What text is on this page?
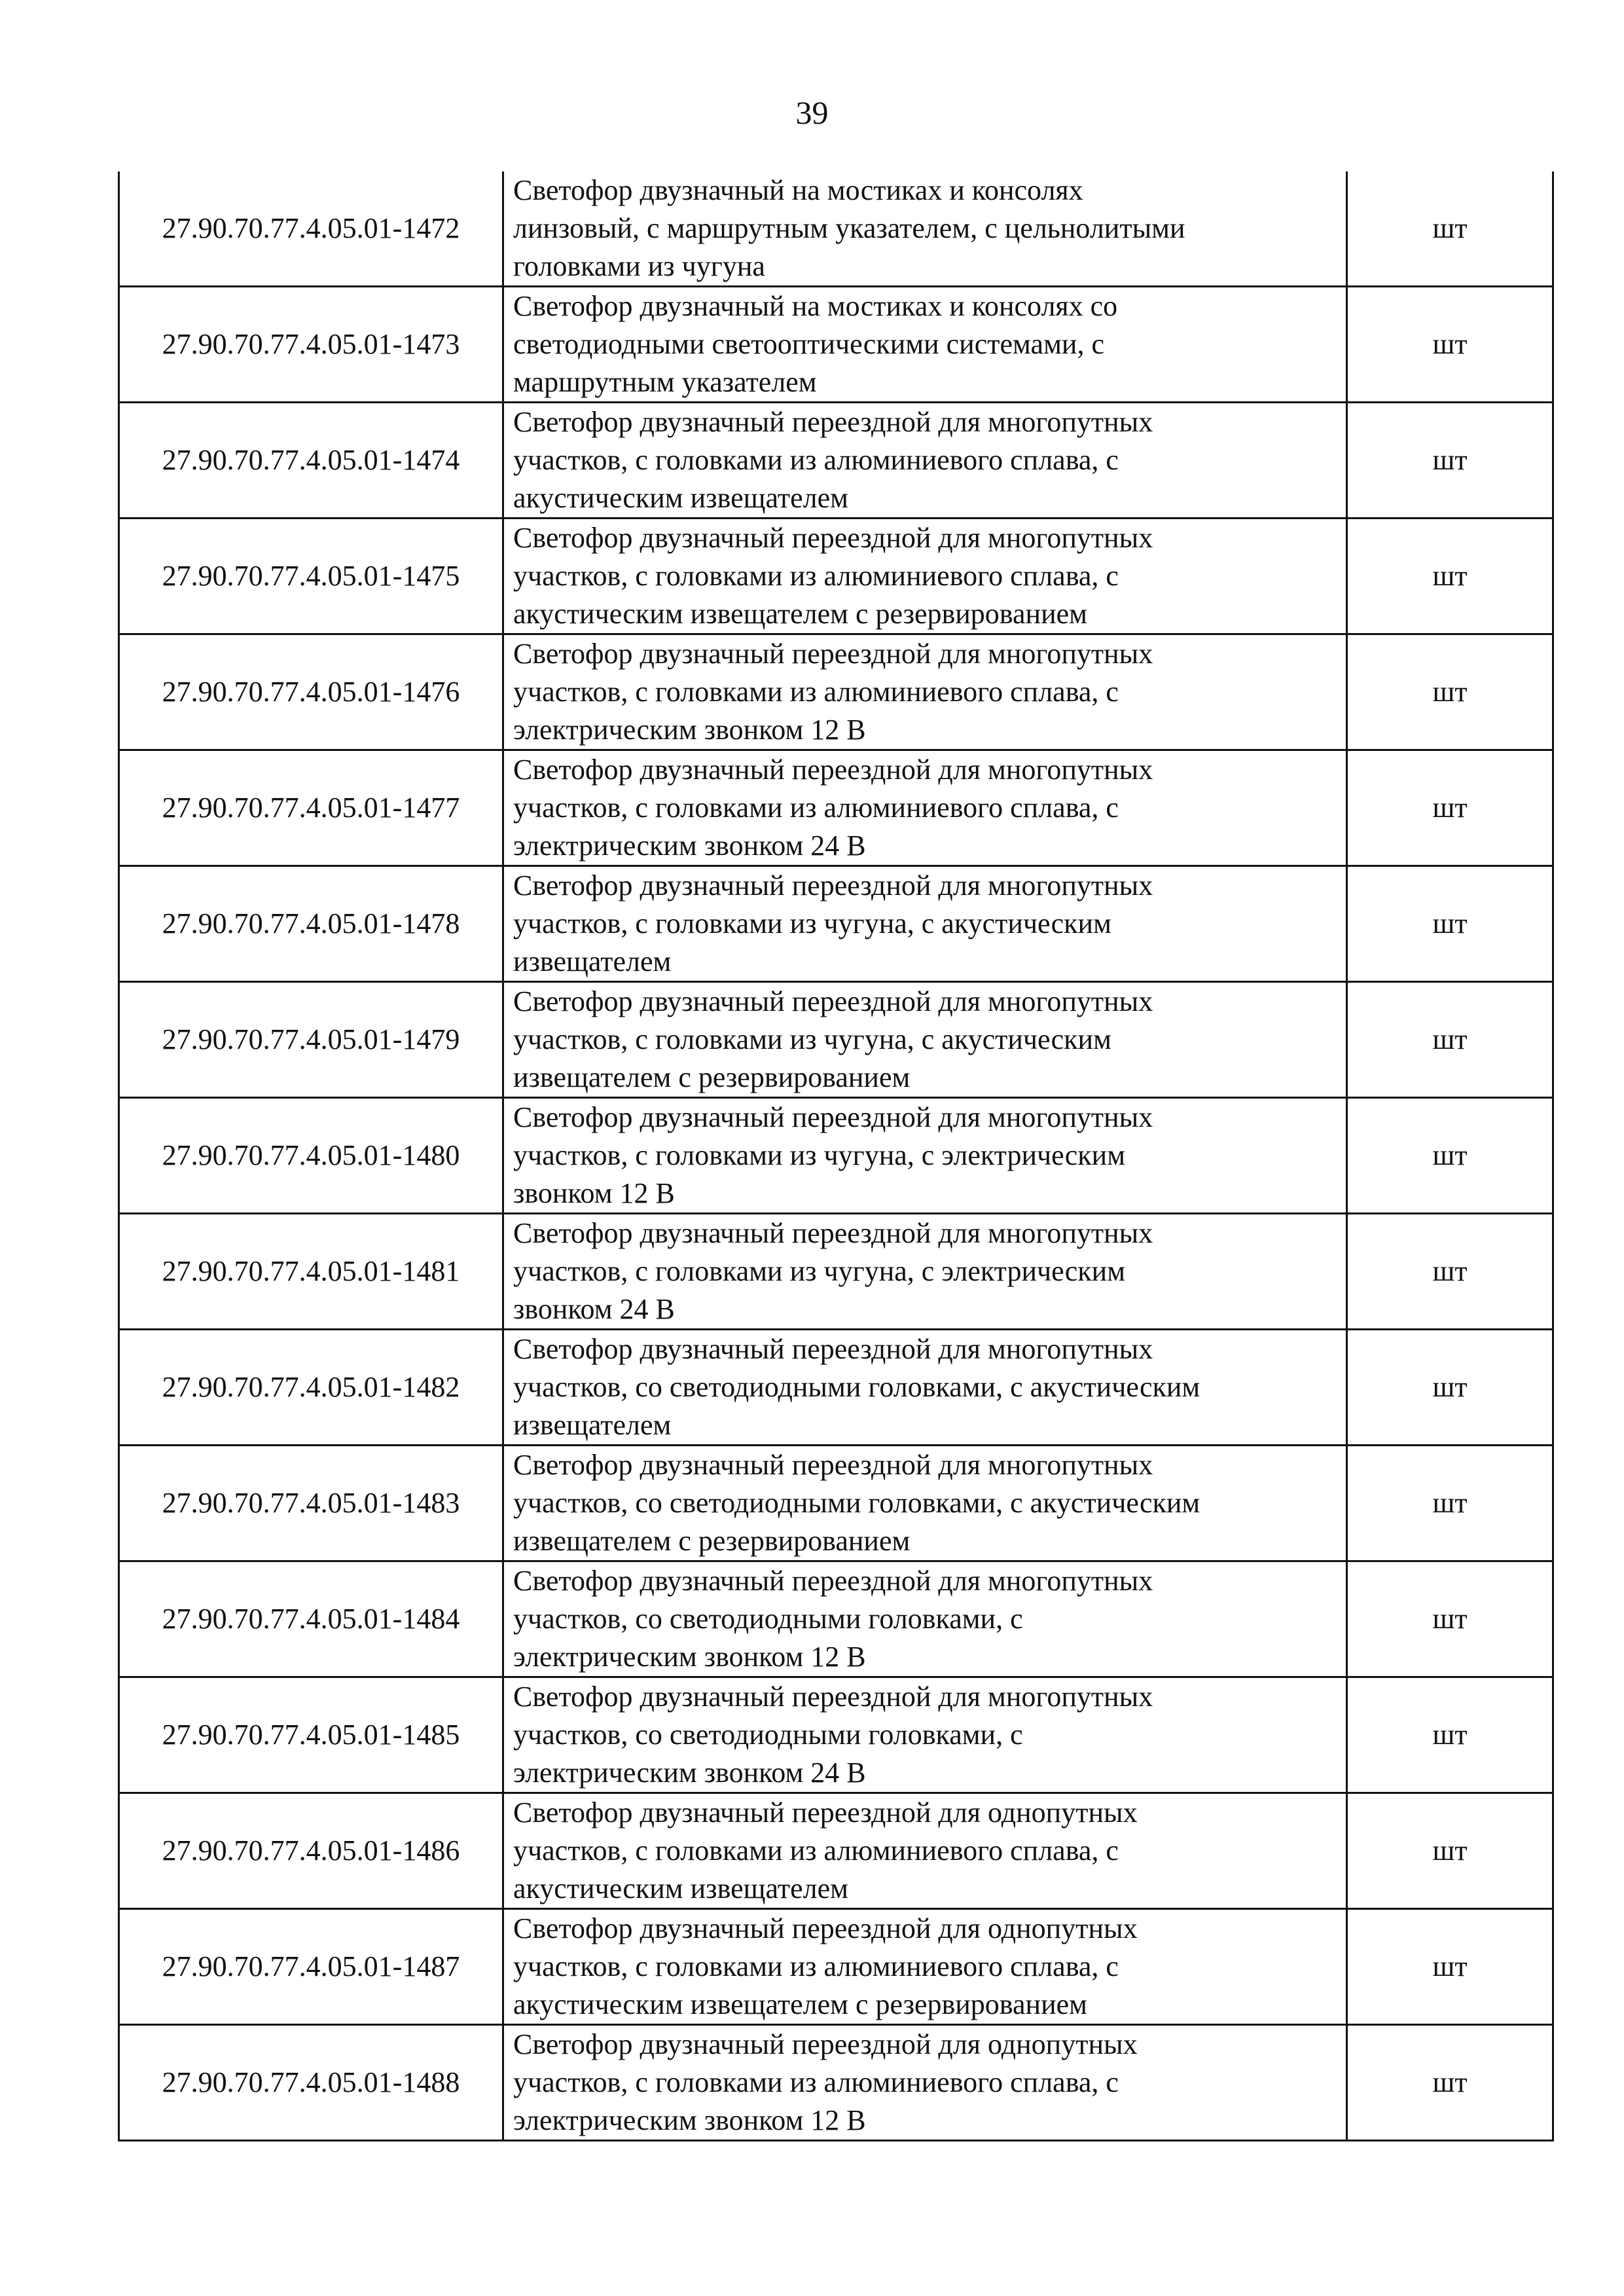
39
27.90.70.77.4.05.01-1472	Светофор двузначный на мостиках и консолях
линзовый, с маршрутным указателем, с цельнолитыми
головками из чугуна	шт
27.90.70.77.4.05.01-1473	Светофор двузначный на мостиках и консолях со
светодиодными светооптическими системами, с
маршрутным указателем	шт
27.90.70.77.4.05.01-1474	Светофор двузначный переездной для многопутных
участков, с головками из алюминиевого сплава, с
акустическим извещателем	шт
27.90.70.77.4.05.01-1475	Светофор двузначный переездной для многопутных
участков, с головками из алюминиевого сплава, с
акустическим извещателем с резервированием	шт
27.90.70.77.4.05.01-1476	Светофор двузначный переездной для многопутных
участков, с головками из алюминиевого сплава, с
электрическим звонком 12 В	шт
27.90.70.77.4.05.01-1477	Светофор двузначный переездной для многопутных
участков, с головками из алюминиевого сплава, с
электрическим звонком 24 В	шт
27.90.70.77.4.05.01-1478	Светофор двузначный переездной для многопутных
участков, с головками из чугуна, с акустическим
извещателем	шт
27.90.70.77.4.05.01-1479	Светофор двузначный переездной для многопутных
участков, с головками из чугуна, с акустическим
извещателем с резервированием	шт
27.90.70.77.4.05.01-1480	Светофор двузначный переездной для многопутных
участков, с головками из чугуна, с электрическим
звонком 12 В	шт
27.90.70.77.4.05.01-1481	Светофор двузначный переездной для многопутных
участков, с головками из чугуна, с электрическим
звонком 24 В	шт
27.90.70.77.4.05.01-1482	Светофор двузначный переездной для многопутных
участков, со светодиодными головками, с акустическим
извещателем	шт
27.90.70.77.4.05.01-1483	Светофор двузначный переездной для многопутных
участков, со светодиодными головками, с акустическим
извещателем с резервированием	шт
27.90.70.77.4.05.01-1484	Светофор двузначный переездной для многопутных
участков, со светодиодными головками, с
электрическим звонком 12 В	шт
27.90.70.77.4.05.01-1485	Светофор двузначный переездной для многопутных
участков, со светодиодными головками, с
электрическим звонком 24 В	шт
27.90.70.77.4.05.01-1486	Светофор двузначный переездной для однопутных
участков, с головками из алюминиевого сплава, с
акустическим извещателем	шт
27.90.70.77.4.05.01-1487	Светофор двузначный переездной для однопутных
участков, с головками из алюминиевого сплава, с
акустическим извещателем с резервированием	шт
27.90.70.77.4.05.01-1488	Светофор двузначный переездной для однопутных
участков, с головками из алюминиевого сплава, с
электрическим звонком 12 В	шт
